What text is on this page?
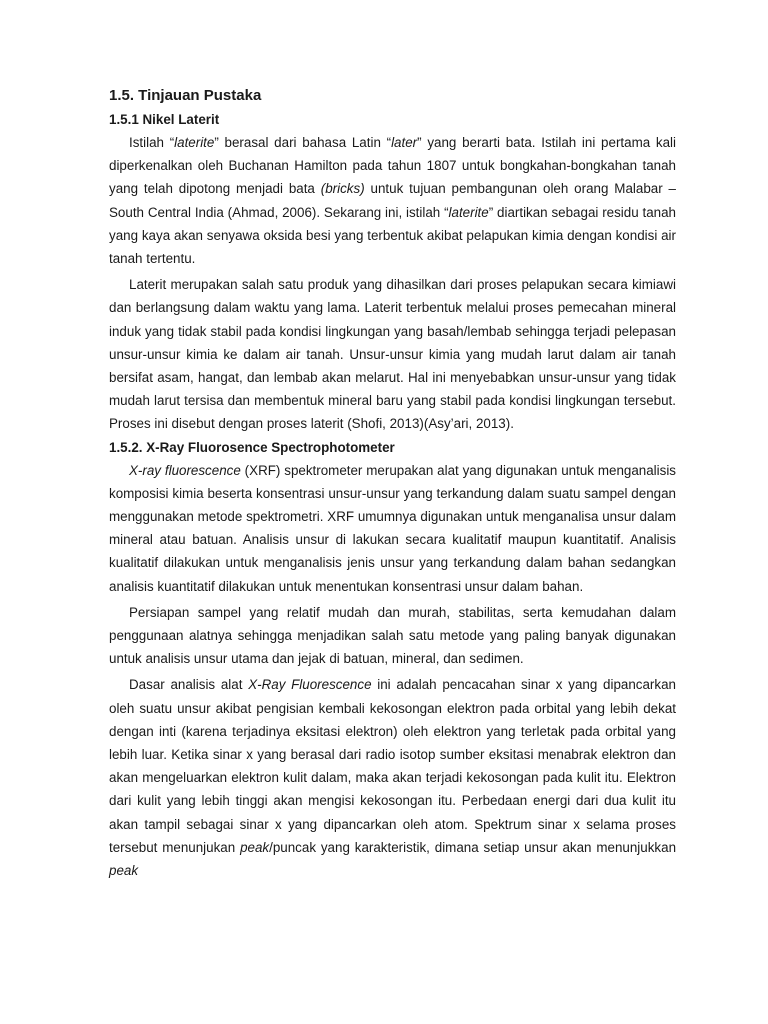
1.5. Tinjauan Pustaka
1.5.1 Nikel Laterit

Istilah “laterite” berasal dari bahasa Latin “later” yang berarti bata. Istilah ini pertama kali diperkenalkan oleh Buchanan Hamilton pada tahun 1807 untuk bongkahan-bongkahan tanah yang telah dipotong menjadi bata (bricks) untuk tujuan pembangunan oleh orang Malabar – South Central India (Ahmad, 2006). Sekarang ini, istilah “laterite” diartikan sebagai residu tanah yang kaya akan senyawa oksida besi yang terbentuk akibat pelapukan kimia dengan kondisi air tanah tertentu.

Laterit merupakan salah satu produk yang dihasilkan dari proses pelapukan secara kimiawi dan berlangsung dalam waktu yang lama. Laterit terbentuk melalui proses pemecahan mineral induk yang tidak stabil pada kondisi lingkungan yang basah/lembab sehingga terjadi pelepasan unsur-unsur kimia ke dalam air tanah. Unsur-unsur kimia yang mudah larut dalam air tanah bersifat asam, hangat, dan lembab akan melarut. Hal ini menyebabkan unsur-unsur yang tidak mudah larut tersisa dan membentuk mineral baru yang stabil pada kondisi lingkungan tersebut. Proses ini disebut dengan proses laterit (Shofi, 2013)(Asy’ari, 2013).

1.5.2. X-Ray Fluorosence Spectrophotometer

X-ray fluorescence (XRF) spektrometer merupakan alat yang digunakan untuk menganalisis komposisi kimia beserta konsentrasi unsur-unsur yang terkandung dalam suatu sampel dengan menggunakan metode spektrometri. XRF umumnya digunakan untuk menganalisa unsur dalam mineral atau batuan. Analisis unsur di lakukan secara kualitatif maupun kuantitatif. Analisis kualitatif dilakukan untuk menganalisis jenis unsur yang terkandung dalam bahan sedangkan analisis kuantitatif dilakukan untuk menentukan konsentrasi unsur dalam bahan.

Persiapan sampel yang relatif mudah dan murah, stabilitas, serta kemudahan dalam penggunaan alatnya sehingga menjadikan salah satu metode yang paling banyak digunakan untuk analisis unsur utama dan jejak di batuan, mineral, dan sedimen.

Dasar analisis alat X-Ray Fluorescence ini adalah pencacahan sinar x yang dipancarkan oleh suatu unsur akibat pengisian kembali kekosongan elektron pada orbital yang lebih dekat dengan inti (karena terjadinya eksitasi elektron) oleh elektron yang terletak pada orbital yang lebih luar. Ketika sinar x yang berasal dari radio isotop sumber eksitasi menabrak elektron dan akan mengeluarkan elektron kulit dalam, maka akan terjadi kekosongan pada kulit itu. Elektron dari kulit yang lebih tinggi akan mengisi kekosongan itu. Perbedaan energi dari dua kulit itu akan tampil sebagai sinar x yang dipancarkan oleh atom. Spektrum sinar x selama proses tersebut menunjukan peak/puncak yang karakteristik, dimana setiap unsur akan menunjukkan peak
